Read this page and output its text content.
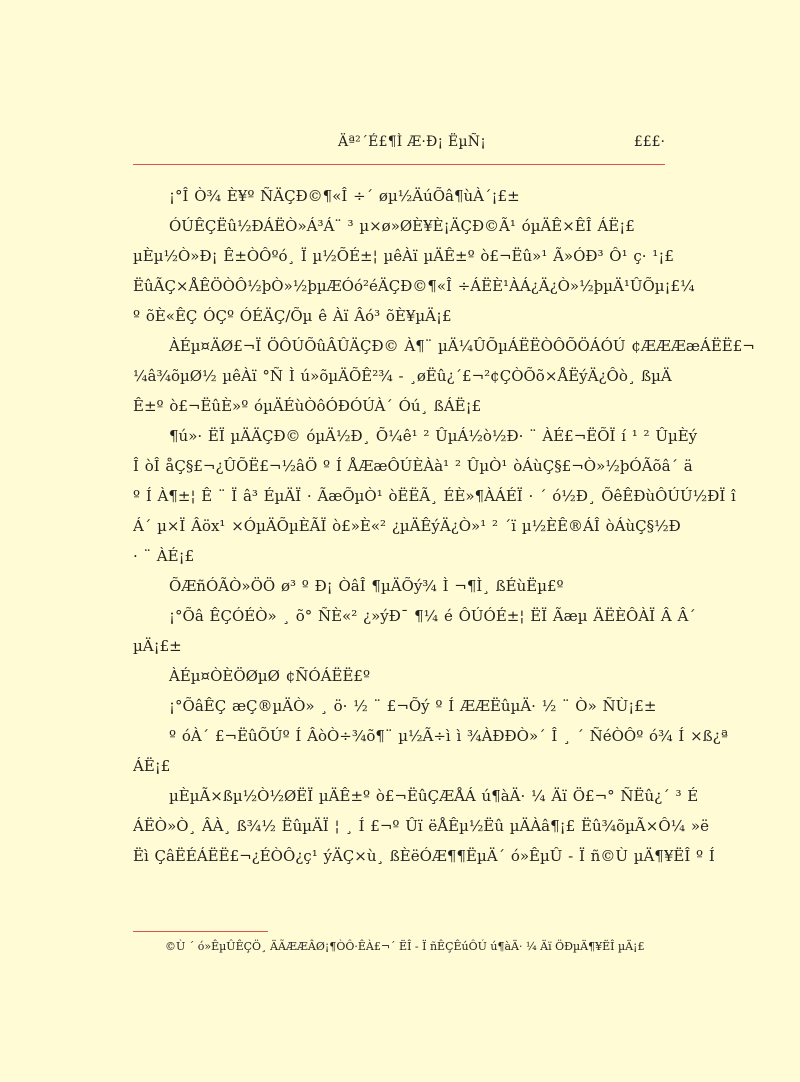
Äª²´É£¶Ì Æ·Ð¡ ËµÑ¡	£££·
¡°Î Ò¾ È¥º ÑÄÇÐ©¶«Î ÷´ øµ½ÄúÕâ¶ùÀ´¡£±
ÓÚÊÇËû½ÐÁËÒ»Á³Á¨ ³ µ×ø»ØÈ¥È¡ÄÇÐ©Ã¹ óµÄÊ×ÊÎ ÁË¡£
µÈµ½Ò»Ð¡ Ê±ÒÔºó¸ Ï µ½ÕÉ±¦ µêÀï µÄÊ±º ò£¬Ëû»¹ Ã»ÓÐ³ Ô¹ ç· ¹¡£
ËûÃÇ×ÅÊÖÒÔ½þÒ»½þµÆÓó²éÄÇÐ©¶«Î ÷ÁËÈ¹ÀÁ¿Ä¿Ò»½þµÄ¹ÛÕµ¡£¼
º õÈ«ÊÇ ÓÇº ÓÉÄÇ/Õµ ê Àï Âó³ õÈ¥µÄ¡£
ÀÉµ¤ÄØ£¬Ï ÖÔÚÕûÂÛÄÇÐ© À¶¨ µÄ¼ÛÕµÁËËÒÔÕÖÁÓÚ ¢ÆÆÆæÁËË£¬
¼â¾õµØ½ µêÀï °Ñ Ì ú»õµÄÕÊ²¾ - ¸øËû¿´£¬²¢ÇÒÕõ×ÅËýÄ¿Ôò¸ ßµÄ
Ê±º ò£¬ËûÈ»º óµÄÉùÒôÓÐÓÚÀ´ Óú¸ ßÁË¡£
¶ú»· ËÏ µÄÄÇÐ© óµÄ½Ð¸ Õ¼ê¹ ² ÛµÁ½ò½Ð· ¨ ÀÉ£¬ËÕÏ í ¹ ² ÛµÈý
Î òÎ åÇ§£¬¿ÛÕË£¬½âÖ º Í ÅÆæÔÚÈÀà¹ ² ÛµÒ¹ òÁùÇ§£¬Ò»½þÓÃõâ´ ä
º Í À¶±¦ Ê ¨ Ï â³ ÉµÄÏ · ÃæÕµÒ¹ òËËÃ¸ ÉÈ»¶ÀÁÉÏ · ´ ó½Ð¸ ÕêÊÐùÔÚÚ½ÐÏ î
Á´ µ×Ï Âöx¹ ×ÓµÄÕµÈÃÏ ò£»È«² ¿µÄÊýÄ¿Ò»¹ ² ´ï µ½ÈÊ®ÁÎ òÁùÇ§½Ð
· ¨ ÀÉ¡£
ÕÆñÓÃÒ»ÖÖ ø³ º Ð¡ ÒâÎ ¶µÄÕý¾ Ì ¬¶Ì¸ ßÉùËµ£º
¡°Õâ ÊÇÓÉÒ» ¸ õ° ÑÈ«² ¿»ýÐ¯ ¶¼ é ÔÚÓÉ±¦ ËÏ Ãæµ ÄËÈÔÀÏ Â Â´
µÄ¡£±
ÀÉµ¤ÒÈÖØµØ ¢ÑÓÁËË£º
¡°ÕâÊÇ æÇ®µÄÒ» ¸ ö· ½ ¨ £¬Õý º Í ÆÆËûµÄ· ½ ¨ Ò» ÑÙ¡£±
º óÀ´ £¬ËûÕÚº Í ÂòÒ÷¾õ¶¨ µ½Ã÷ì ì ¾ÀÐÐÒ»´ Î ¸ ´ ÑéÒÔº ó¾ Í ×ß¿ª
ÁË¡£
µÈµÃ×ßµ½Ò½ØËÏ µÄÊ±º ò£¬ËûÇÆÅÁ ú¶àÄ· ¼ Äï Ö£¬° ÑËû¿´ ³ É
ÁËÒ»Ò¸ ÂÀ¸ ß¾½ ËûµÄÏ ¦ ¸ Í £¬º Ûï ëÅÊµ½Ëû µÄÀâ¶¡£ Ëû¾õµÃ×Ô¼ »ë
Ëì ÇâËÉÁËË£¬¿ÉÒÔ¿ç¹ ýÄÇ×ù¸ ßÈëÓÆ¶¶ËµÄ´ ó»ÊµÛ - Ï ñ©Ù µÄ¶¥ËÎ º Í
©Ù ´ ó»ÊµÛÊÇÖ¸ ÄÃÆÆÂØ¡¶ÒÔ·ÊÀ£¬´ ËÎ - Ï ñÊÇÊúÔÚ ú¶àÄ· ¼ Äï ÖÐµÄ¶¥ËÎ µÄ¡£
